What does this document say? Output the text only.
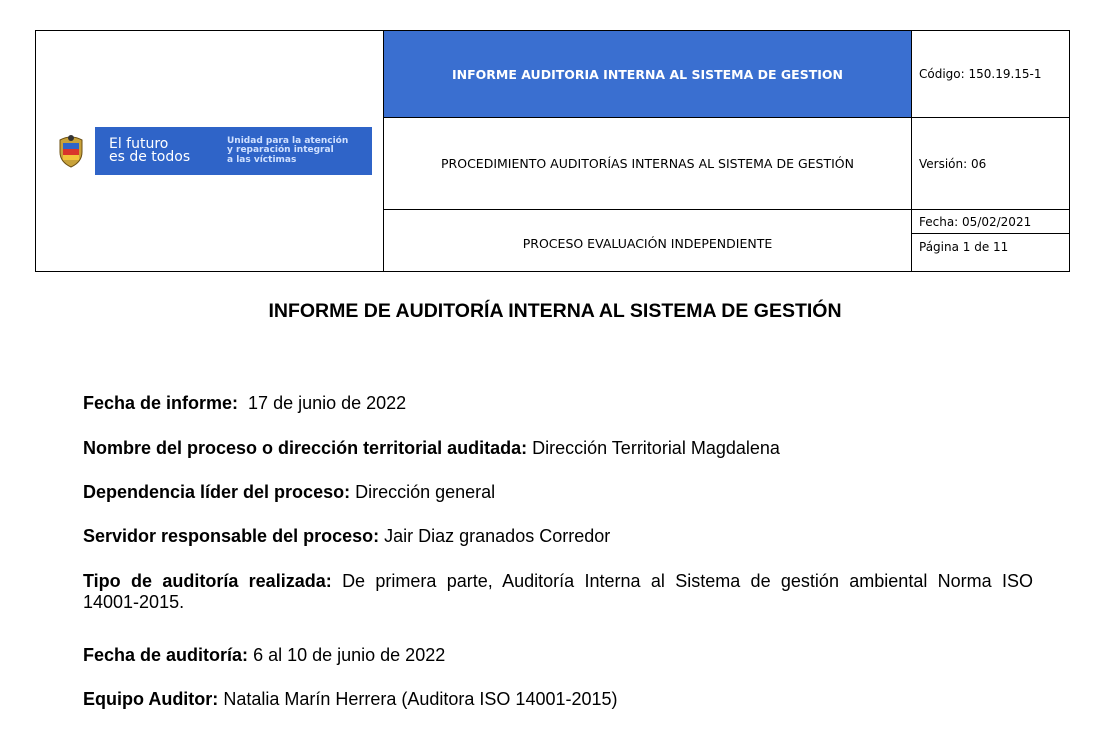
El futuro
es de todos
Unidad para la atención
y reparación integral
a las víctimas
INFORME AUDITORIA INTERNA AL SISTEMA DE GESTION
PROCEDIMIENTO AUDITORÍAS INTERNAS AL SISTEMA DE GESTIÓN
PROCESO EVALUACIÓN INDEPENDIENTE
Código: 150.19.15-1
Versión: 06
Fecha: 05/02/2021
Página 1 de 11
INFORME DE AUDITORÍA INTERNA AL SISTEMA DE GESTIÓN
Fecha de informe: 17 de junio de 2022
Nombre del proceso o dirección territorial auditada: Dirección Territorial Magdalena
Dependencia líder del proceso: Dirección general
Servidor responsable del proceso: Jair Diaz granados Corredor
Tipo de auditoría realizada: De primera parte, Auditoría Interna al Sistema de gestión ambiental Norma ISO 14001-2015.
Fecha de auditoría: 6 al 10 de junio de 2022
Equipo Auditor: Natalia Marín Herrera (Auditora ISO 14001-2015)
